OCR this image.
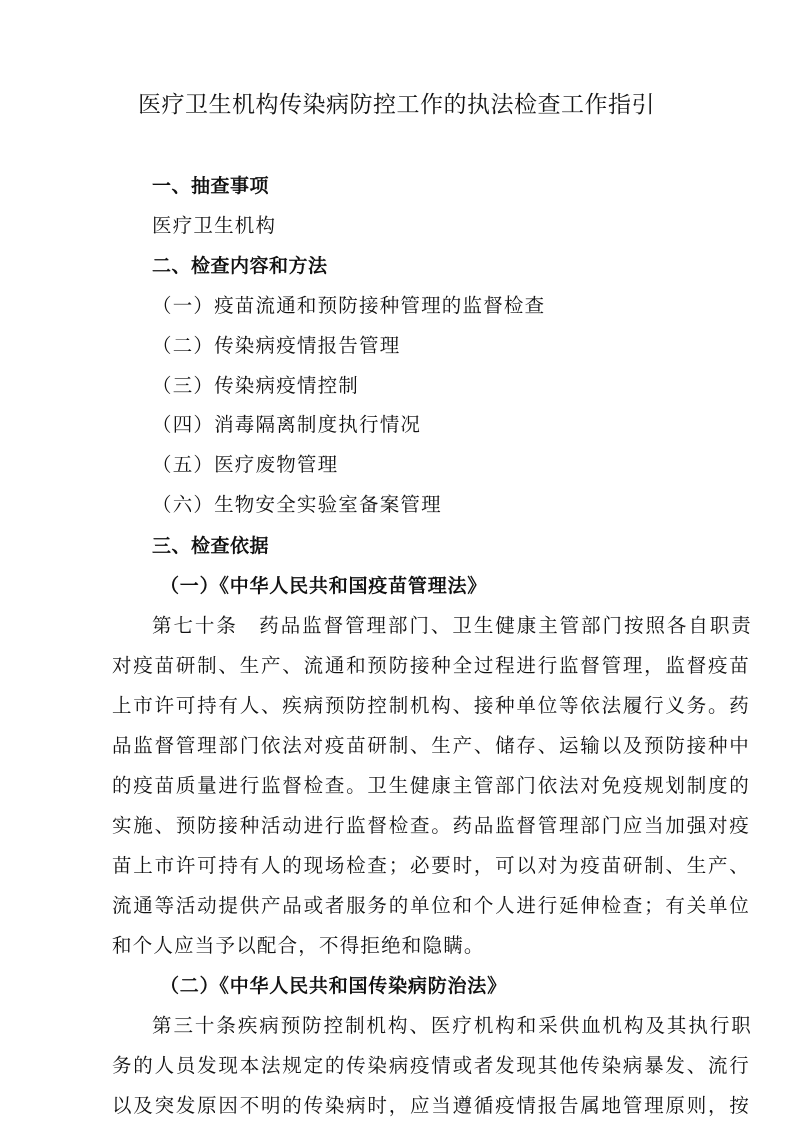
医疗卫生机构传染病防控工作的执法检查工作指引
一、抽查事项
医疗卫生机构
二、检查内容和方法
（一）疫苗流通和预防接种管理的监督检查
（二）传染病疫情报告管理
（三）传染病疫情控制
（四）消毒隔离制度执行情况
（五）医疗废物管理
（六）生物安全实验室备案管理
三、检查依据
（一）《中华人民共和国疫苗管理法》
第七十条　药品监督管理部门、卫生健康主管部门按照各自职责
对疫苗研制、生产、流通和预防接种全过程进行监督管理，监督疫苗
上市许可持有人、疾病预防控制机构、接种单位等依法履行义务。药
品监督管理部门依法对疫苗研制、生产、储存、运输以及预防接种中
的疫苗质量进行监督检查。卫生健康主管部门依法对免疫规划制度的
实施、预防接种活动进行监督检查。药品监督管理部门应当加强对疫
苗上市许可持有人的现场检查；必要时，可以对为疫苗研制、生产、
流通等活动提供产品或者服务的单位和个人进行延伸检查；有关单位
和个人应当予以配合，不得拒绝和隐瞒。
（二）《中华人民共和国传染病防治法》
第三十条疾病预防控制机构、医疗机构和采供血机构及其执行职
务的人员发现本法规定的传染病疫情或者发现其他传染病暴发、流行
以及突发原因不明的传染病时，应当遵循疫情报告属地管理原则，按
